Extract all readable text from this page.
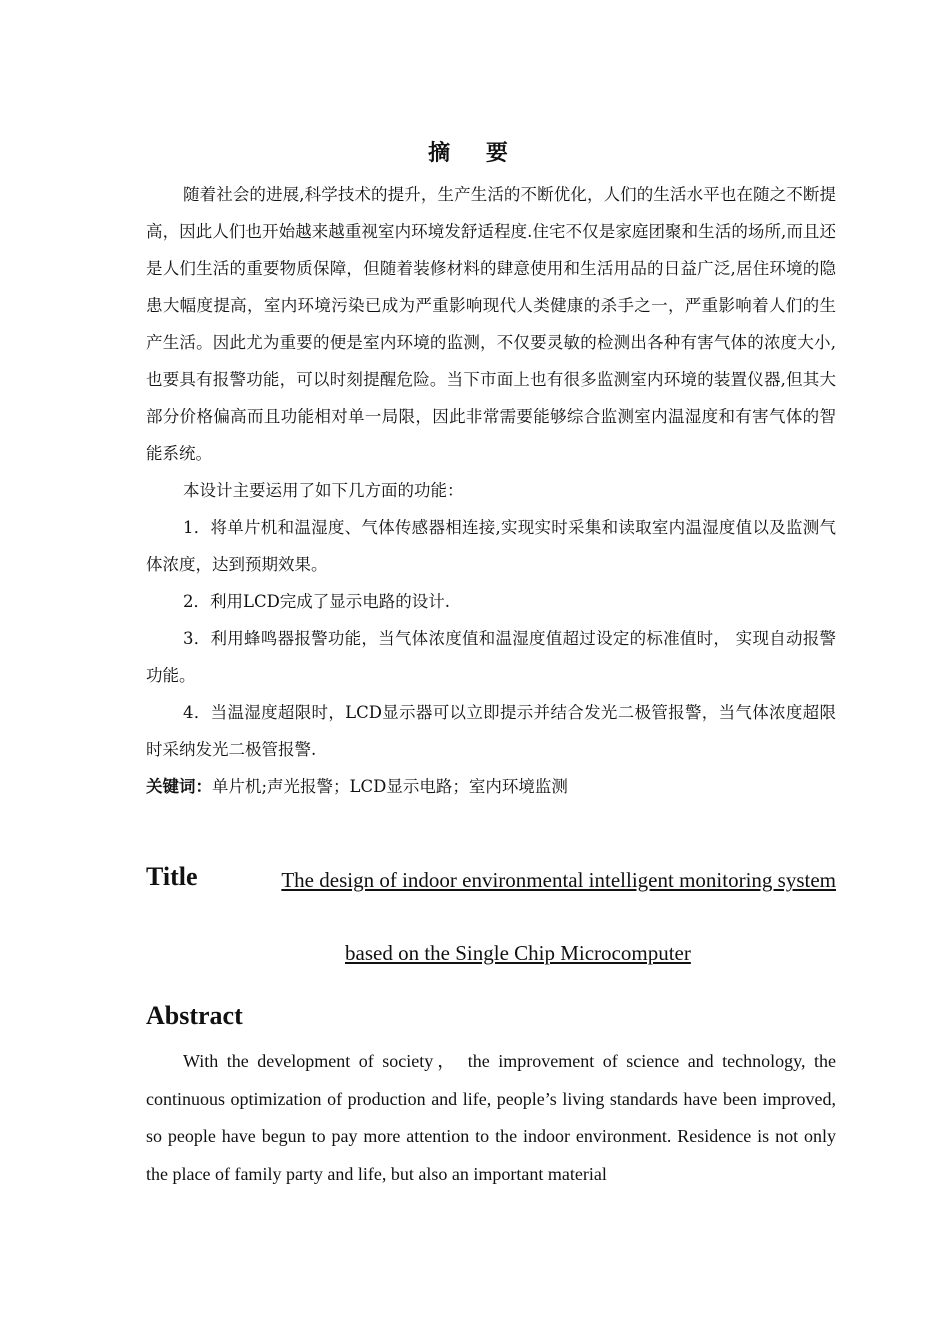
摘 要

随着社会的进展,科学技术的提升，生产生活的不断优化，人们的生活水平也在随之不断提高，因此人们也开始越来越重视室内环境发舒适程度.住宅不仅是家庭团聚和生活的场所,而且还是人们生活的重要物质保障，但随着装修材料的肆意使用和生活用品的日益广泛,居住环境的隐患大幅度提高，室内环境污染已成为严重影响现代人类健康的杀手之一，严重影响着人们的生产生活。因此尤为重要的便是室内环境的监测，不仅要灵敏的检测出各种有害气体的浓度大小,也要具有报警功能，可以时刻提醒危险。当下市面上也有很多监测室内环境的装置仪器,但其大部分价格偏高而且功能相对单一局限，因此非常需要能够综合监测室内温湿度和有害气体的智能系统。

本设计主要运用了如下几方面的功能：

1．将单片机和温湿度、气体传感器相连接,实现实时采集和读取室内温湿度值以及监测气体浓度，达到预期效果。

2．利用LCD完成了显示电路的设计.

3．利用蜂鸣器报警功能，当气体浓度值和温湿度值超过设定的标准值时， 实现自动报警功能。

4．当温湿度超限时，LCD显示器可以立即提示并结合发光二极管报警，当气体浓度超限时采纳发光二极管报警.

关键词：单片机;声光报警；LCD显示电路；室内环境监测

Title	The design of indoor environmental intelligent monitoring system
based on the Single Chip Microcomputer
Abstract
With the development of society， the improvement of science and technology, the continuous optimization of production and life, people’s living standards have been improved, so people have begun to pay more attention to the indoor environment. Residence is not only the place of family party and life, but also an important material
